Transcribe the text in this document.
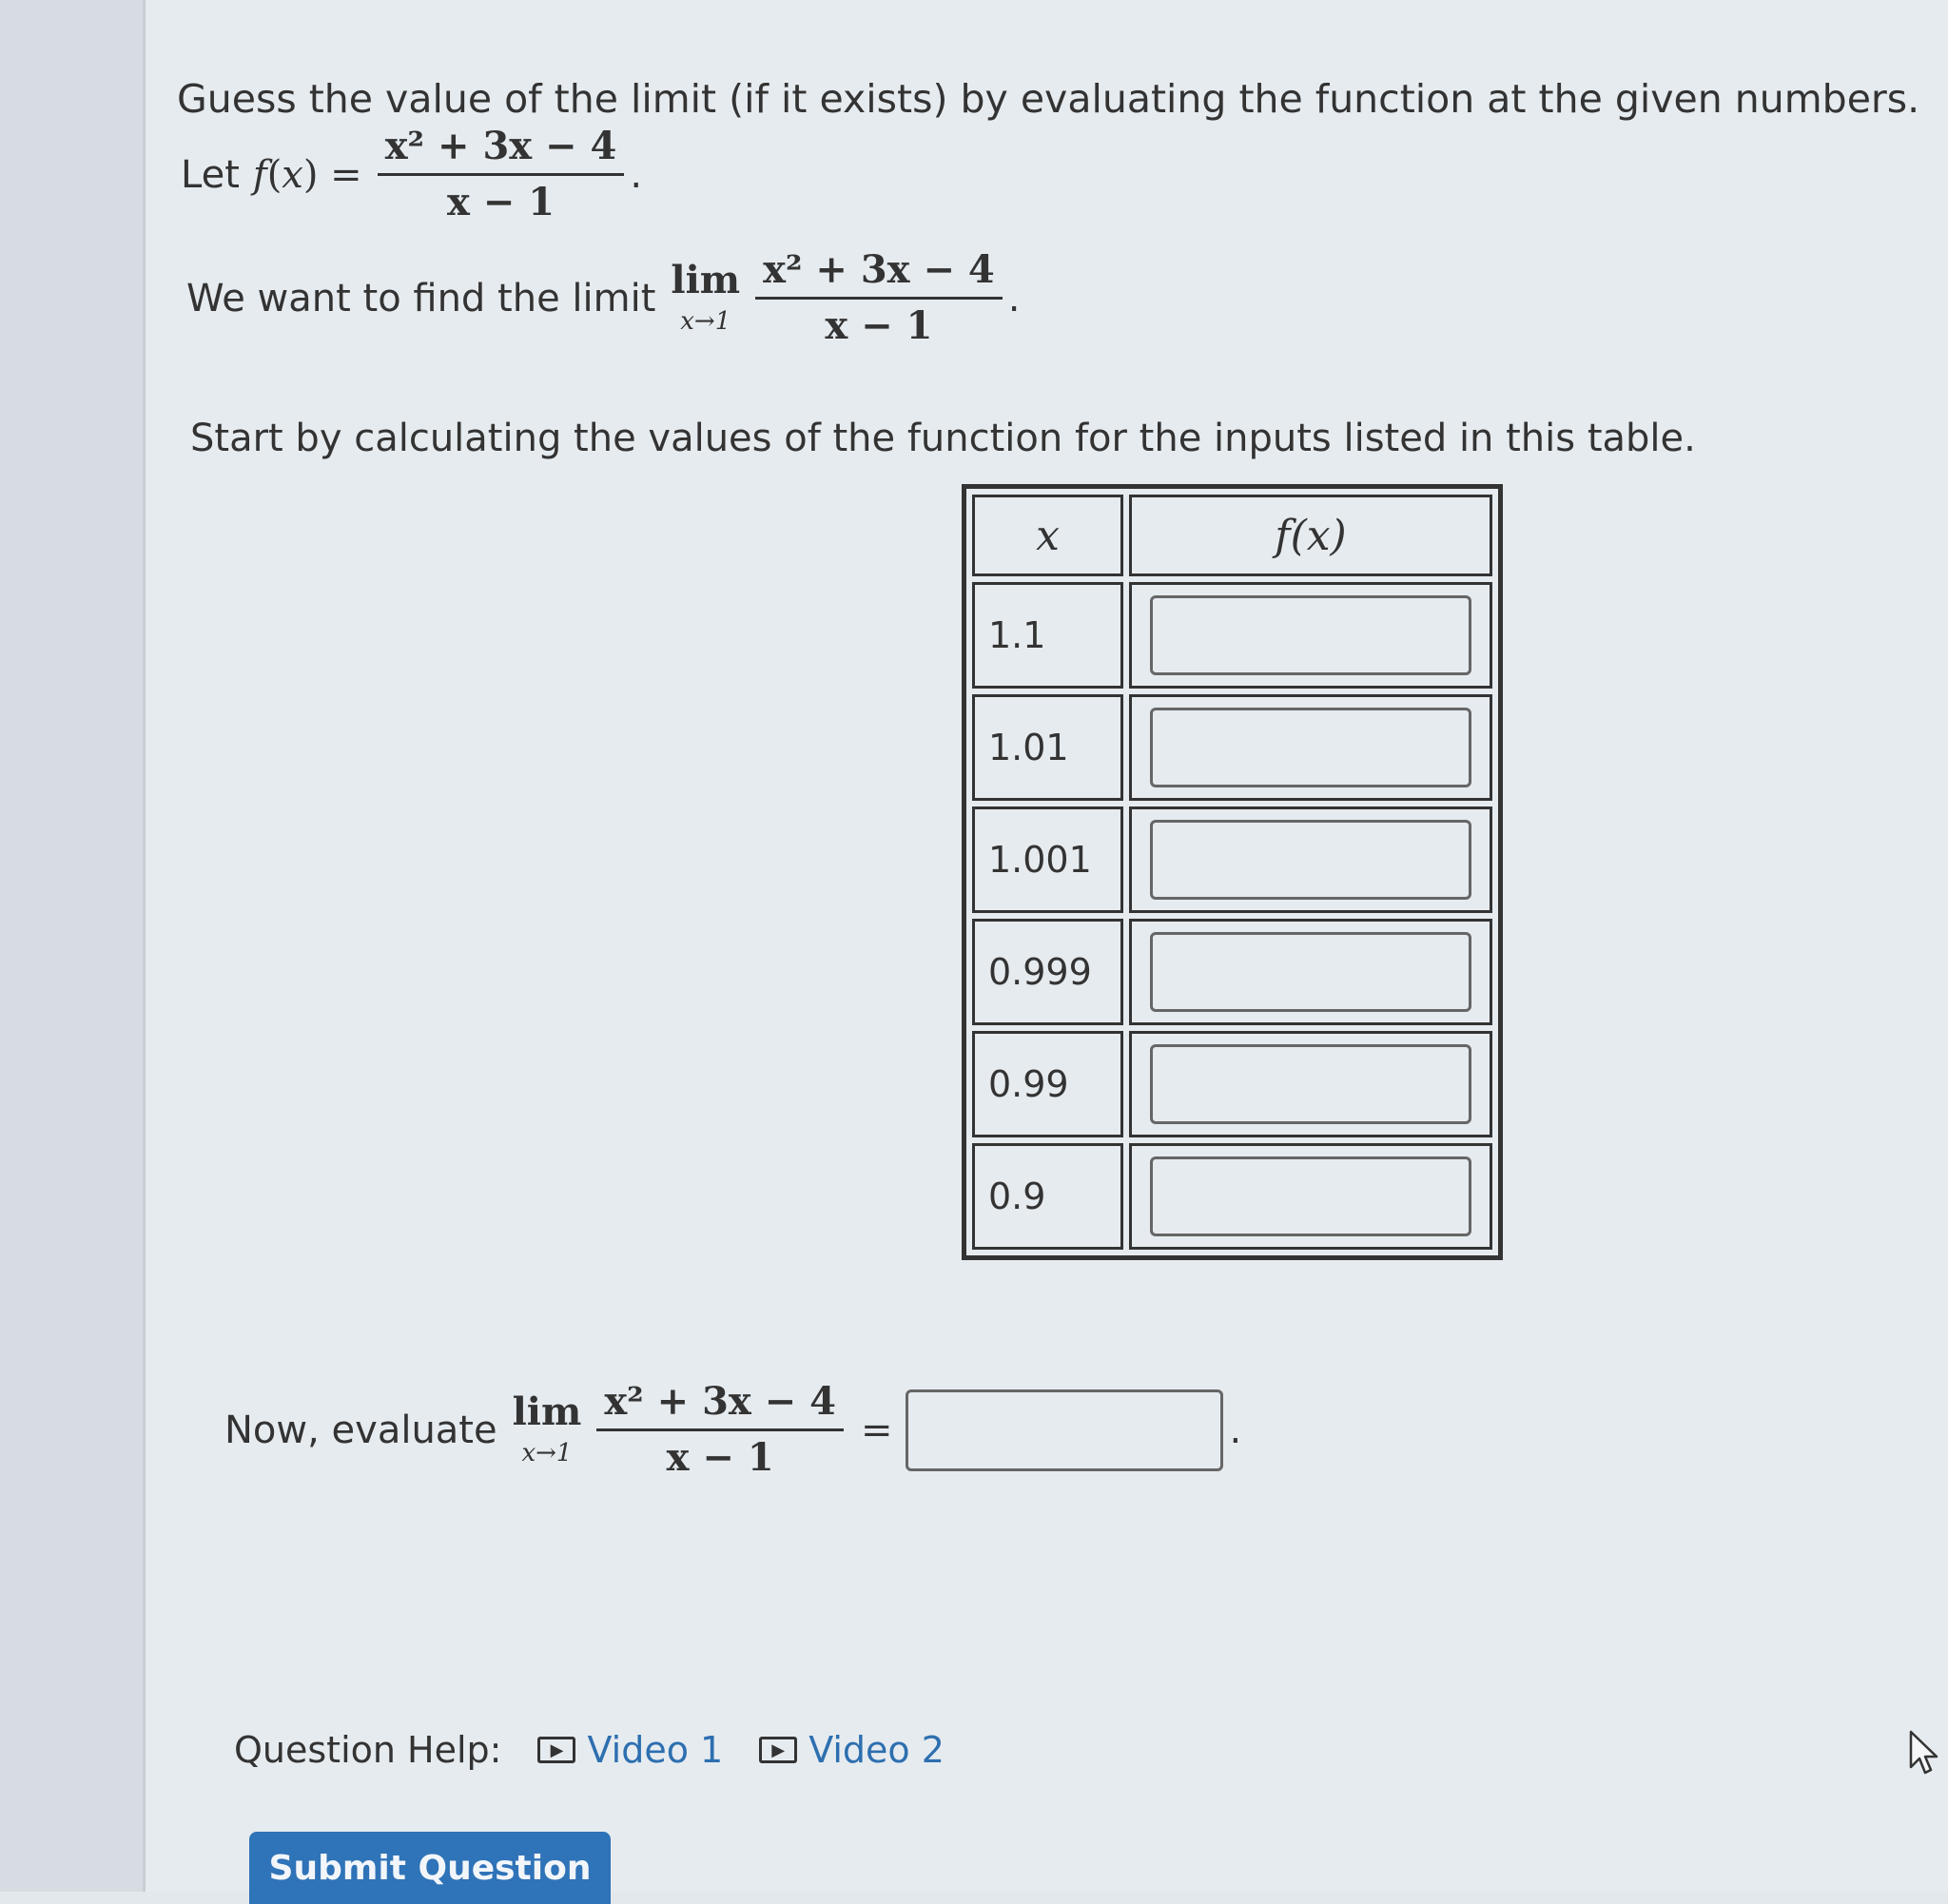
Guess the value of the limit (if it exists) by evaluating the function at the given numbers.
Let $f(x) = \frac{\text{x² + 3x − 4}}{x - 1}$ .
We want to find the limit lim
$x\to 1 \frac{\text{x² + 3x − 4}}{x - 1}$ .
Start by calculating the values of the function for the inputs listed in this table.
x	f(x)
1.1	
1.01	
1.001	
0.999	
0.99	
0.9	
Now, evaluate lim
$x\to 1 \frac{\text{x² + 3x − 4}}{x - 1}$ =	.
Question Help:	▶ Video 1	▶ Video 2
Submit Question
